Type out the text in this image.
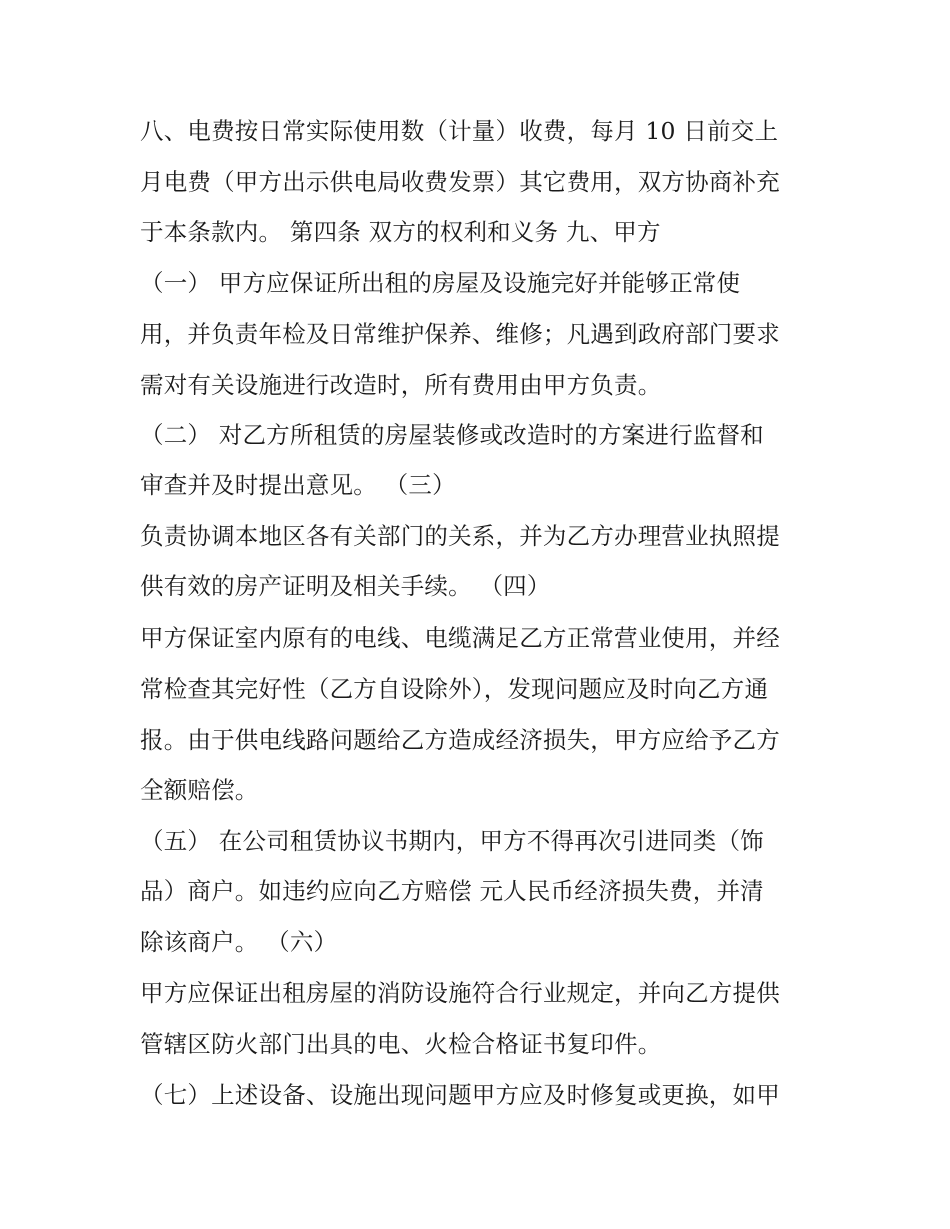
八、电费按日常实际使用数（计量）收费，每月 10 日前交上
月电费（甲方出示供电局收费发票）其它费用，双方协商补充
于本条款内。 第四条 双方的权利和义务 九、甲方
（一） 甲方应保证所出租的房屋及设施完好并能够正常使
用，并负责年检及日常维护保养、维修；凡遇到政府部门要求
需对有关设施进行改造时，所有费用由甲方负责。
（二） 对乙方所租赁的房屋装修或改造时的方案进行监督和
审查并及时提出意见。 （三）
负责协调本地区各有关部门的关系，并为乙方办理营业执照提
供有效的房产证明及相关手续。 （四）
甲方保证室内原有的电线、电缆满足乙方正常营业使用，并经
常检查其完好性（乙方自设除外），发现问题应及时向乙方通
报。由于供电线路问题给乙方造成经济损失，甲方应给予乙方
全额赔偿。
（五） 在公司租赁协议书期内，甲方不得再次引进同类（饰
品）商户。如违约应向乙方赔偿 元人民币经济损失费，并清
除该商户。 （六）
甲方应保证出租房屋的消防设施符合行业规定，并向乙方提供
管辖区防火部门出具的电、火检合格证书复印件。
（七）上述设备、设施出现问题甲方应及时修复或更换，如甲
